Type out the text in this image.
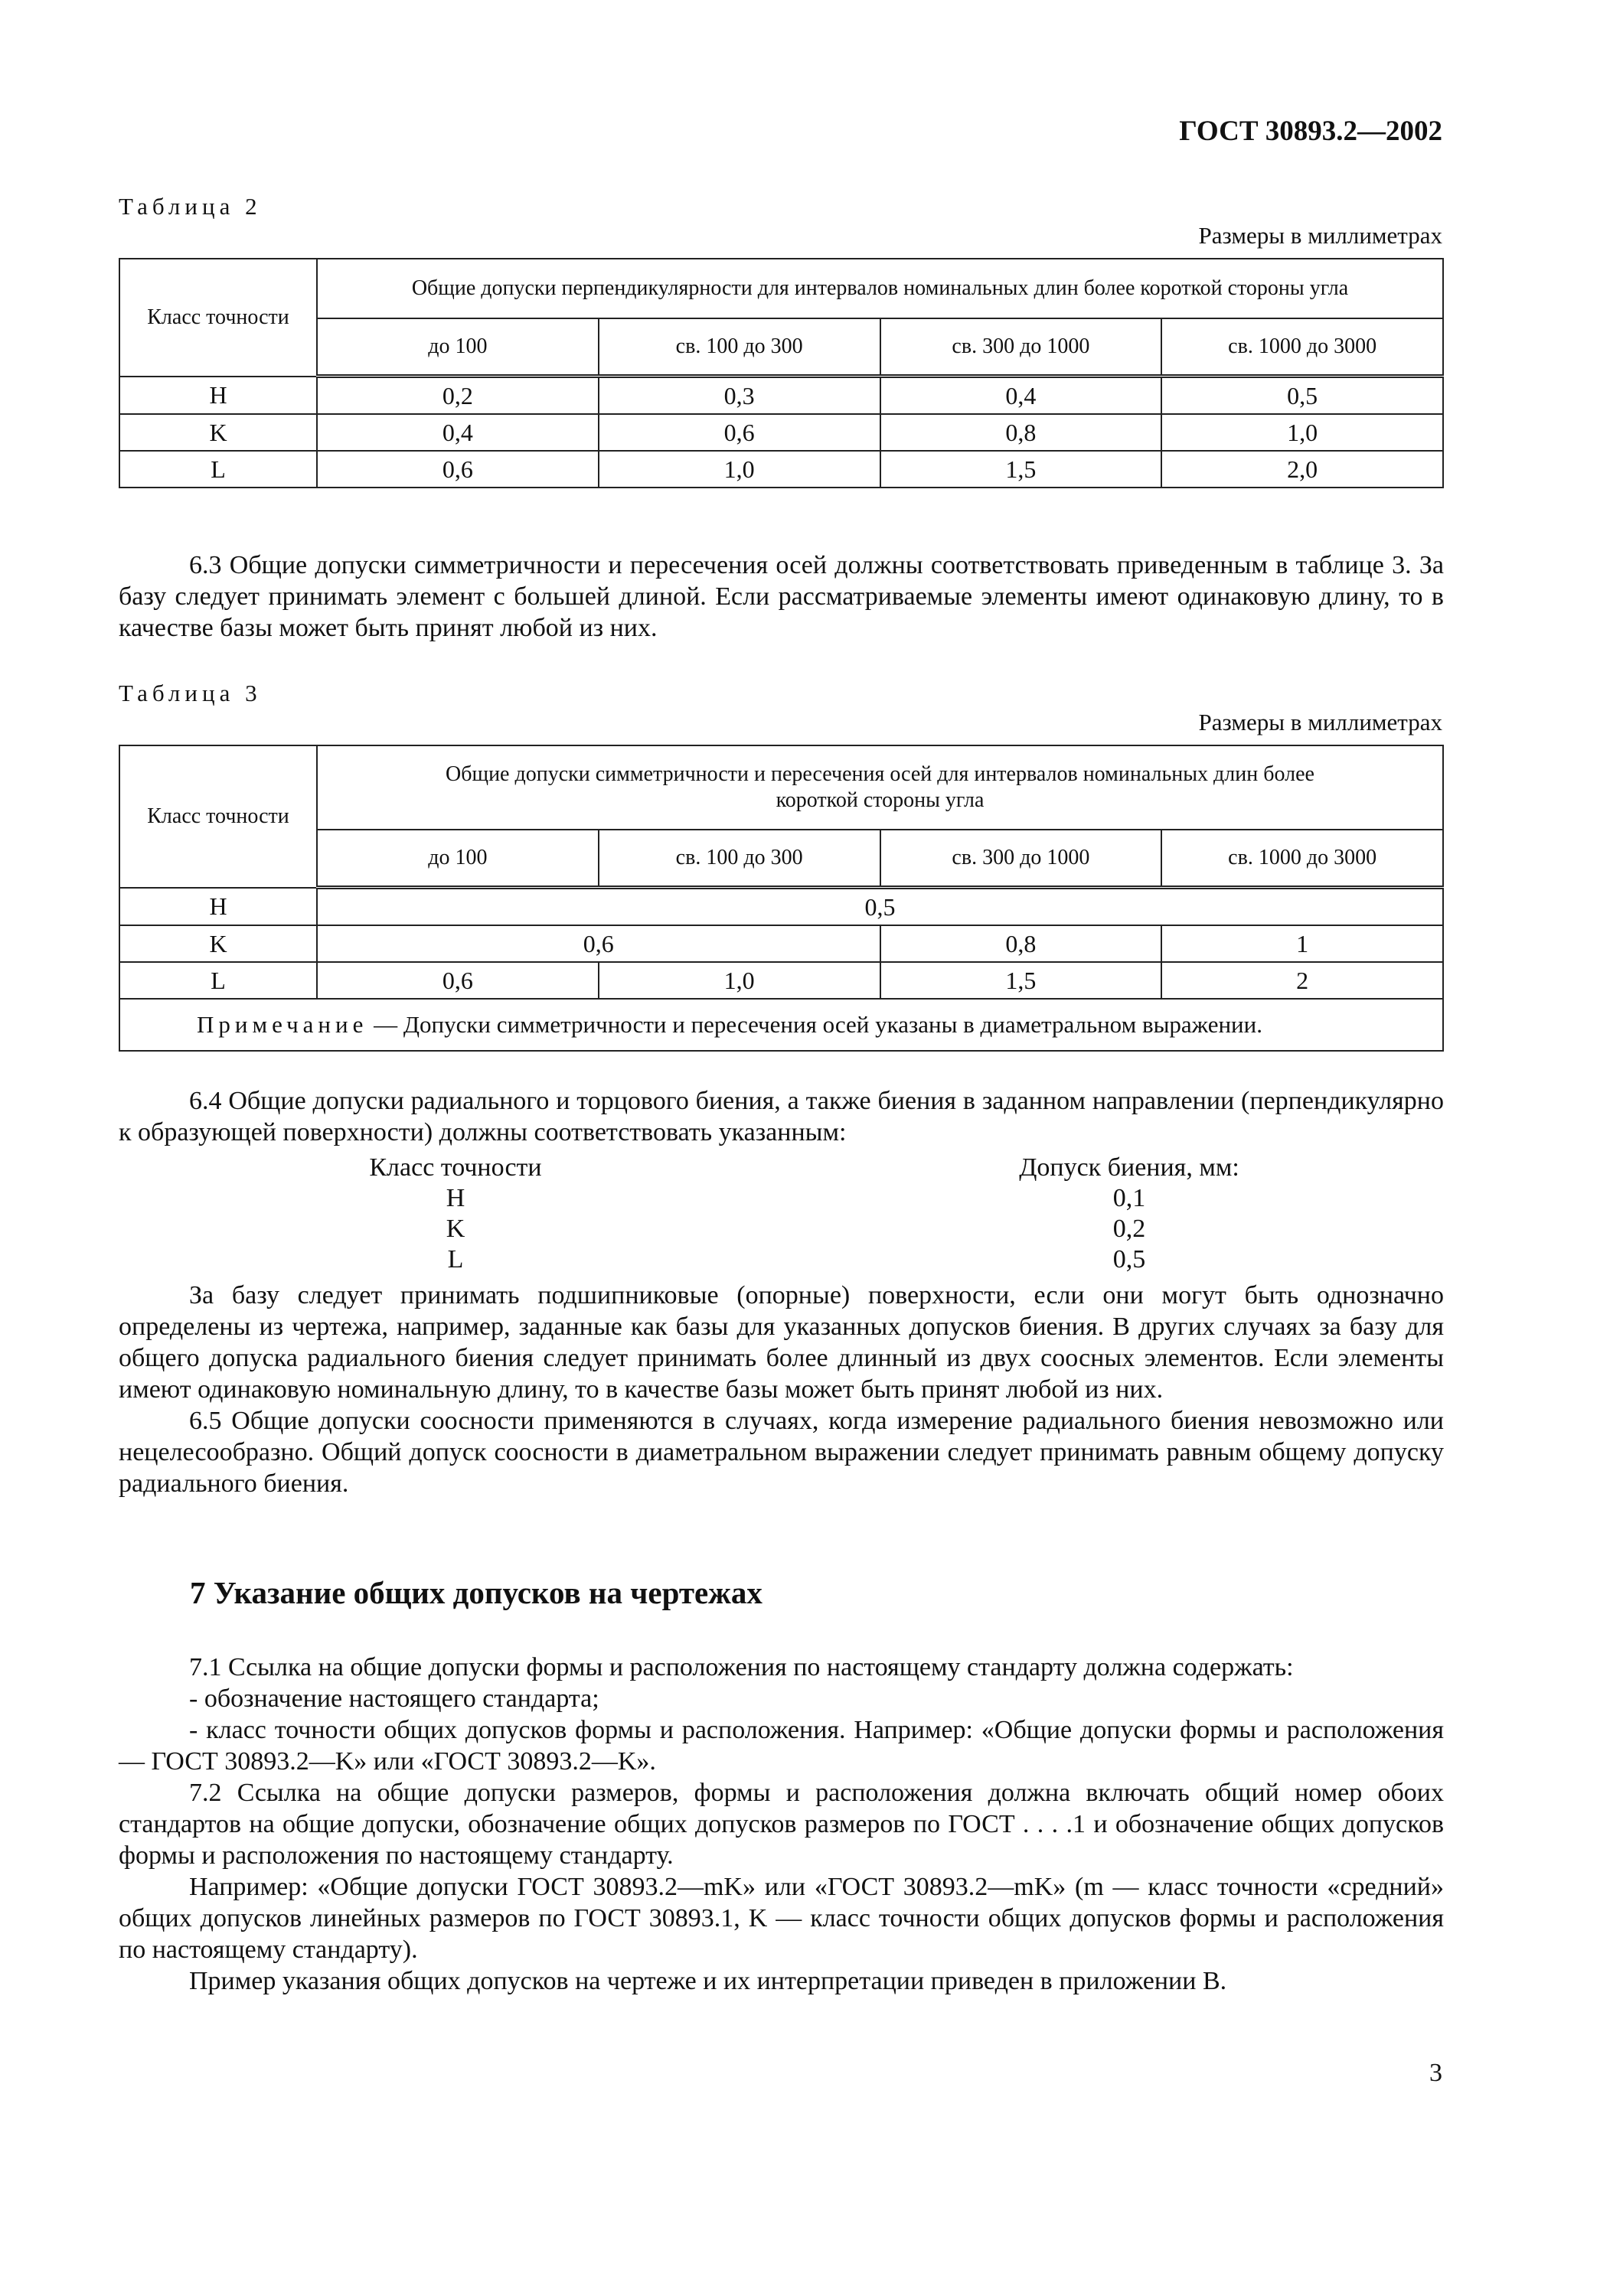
ГОСТ 30893.2—2002
Таблица 2
Размеры в миллиметрах
Класс точности	Общие допуски перпендикулярности для интервалов номинальных длин более короткой стороны угла			
	до 100	св. 100 до 300	св. 300 до 1000	св. 1000 до 3000
H	0,2	0,3	0,4	0,5
K	0,4	0,6	0,8	1,0
L	0,6	1,0	1,5	2,0

6.3 Общие допуски симметричности и пересечения осей должны соответствовать приведенным в таблице 3. За базу следует принимать элемент с большей длиной. Если рассматриваемые элементы имеют одинаковую длину, то в качестве базы может быть принят любой из них.

Таблица 3
Размеры в миллиметрах
Класс точности	Общие допуски симметричности и пересечения осей для интервалов номинальных длин более короткой стороны угла			
	до 100	св. 100 до 300	св. 300 до 1000	св. 1000 до 3000
H	0,5			
K	0,6		0,8	1
L	0,6	1,0	1,5	2
Примечание — Допуски симметричности и пересечения осей указаны в диаметральном выражении.				

6.4 Общие допуски радиального и торцового биения, а также биения в заданном направлении (перпендикулярно к образующей поверхности) должны соответствовать указанным:

Класс точности	Допуск биения, мм:
H	0,1
K	0,2
L	0,5

За базу следует принимать подшипниковые (опорные) поверхности, если они могут быть однозначно определены из чертежа, например, заданные как базы для указанных допусков биения. В других случаях за базу для общего допуска радиального биения следует принимать более длинный из двух соосных элементов. Если элементы имеют одинаковую номинальную длину, то в качестве базы может быть принят любой из них.

6.5 Общие допуски соосности применяются в случаях, когда измерение радиального биения невозможно или нецелесообразно. Общий допуск соосности в диаметральном выражении следует принимать равным общему допуску радиального биения.

7 Указание общих допусков на чертежах

7.1 Ссылка на общие допуски формы и расположения по настоящему стандарту должна содержать:

- обозначение настоящего стандарта;

- класс точности общих допусков формы и расположения. Например: «Общие допуски формы и расположения — ГОСТ 30893.2—K» или «ГОСТ 30893.2—K».

7.2 Ссылка на общие допуски размеров, формы и расположения должна включать общий номер обоих стандартов на общие допуски, обозначение общих допусков размеров по ГОСТ . . . .1 и обозначение общих допусков формы и расположения по настоящему стандарту.

Например: «Общие допуски ГОСТ 30893.2—mK» или «ГОСТ 30893.2—mK» (m — класс точности «средний» общих допусков линейных размеров по ГОСТ 30893.1, K — класс точности общих допусков формы и расположения по настоящему стандарту).

Пример указания общих допусков на чертеже и их интерпретации приведен в приложении В.

3
